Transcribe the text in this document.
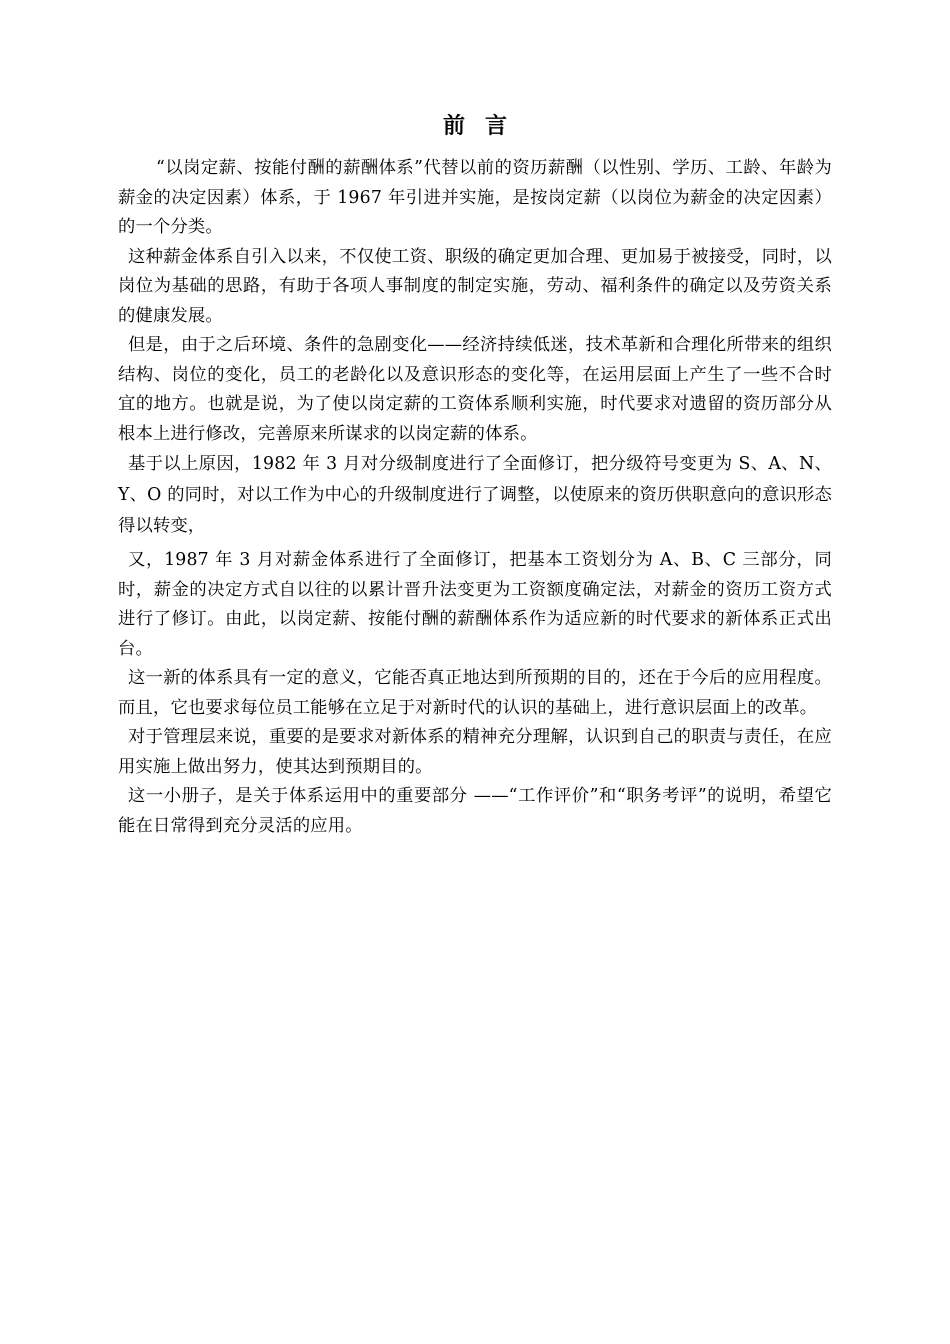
前言

“以岗定薪、按能付酬的薪酬体系”代替以前的资历薪酬（以性别、学历、工龄、年龄为薪金的决定因素）体系，于 1967 年引进并实施，是按岗定薪（以岗位为薪金的决定因素）的一个分类。

这种薪金体系自引入以来，不仅使工资、职级的确定更加合理、更加易于被接受，同时，以岗位为基础的思路，有助于各项人事制度的制定实施，劳动、福利条件的确定以及劳资关系的健康发展。

但是，由于之后环境、条件的急剧变化——经济持续低迷，技术革新和合理化所带来的组织结构、岗位的变化，员工的老龄化以及意识形态的变化等，在运用层面上产生了一些不合时宜的地方。也就是说，为了使以岗定薪的工资体系顺利实施，时代要求对遗留的资历部分从根本上进行修改，完善原来所谋求的以岗定薪的体系。

基于以上原因，1982 年 3 月对分级制度进行了全面修订，把分级符号变更为 S、A、N、Y、O 的同时，对以工作为中心的升级制度进行了调整，以使原来的资历供职意向的意识形态得以转变，

又，1987 年 3 月对薪金体系进行了全面修订，把基本工资划分为 A、B、C 三部分，同时，薪金的决定方式自以往的以累计晋升法变更为工资额度确定法，对薪金的资历工资方式进行了修订。由此，以岗定薪、按能付酬的薪酬体系作为适应新的时代要求的新体系正式出台。

这一新的体系具有一定的意义，它能否真正地达到所预期的目的，还在于今后的应用程度。而且，它也要求每位员工能够在立足于对新时代的认识的基础上，进行意识层面上的改革。

对于管理层来说，重要的是要求对新体系的精神充分理解，认识到自己的职责与责任，在应用实施上做出努力，使其达到预期目的。

这一小册子，是关于体系运用中的重要部分 ——“工作评价”和“职务考评”的说明，希望它能在日常得到充分灵活的应用。
